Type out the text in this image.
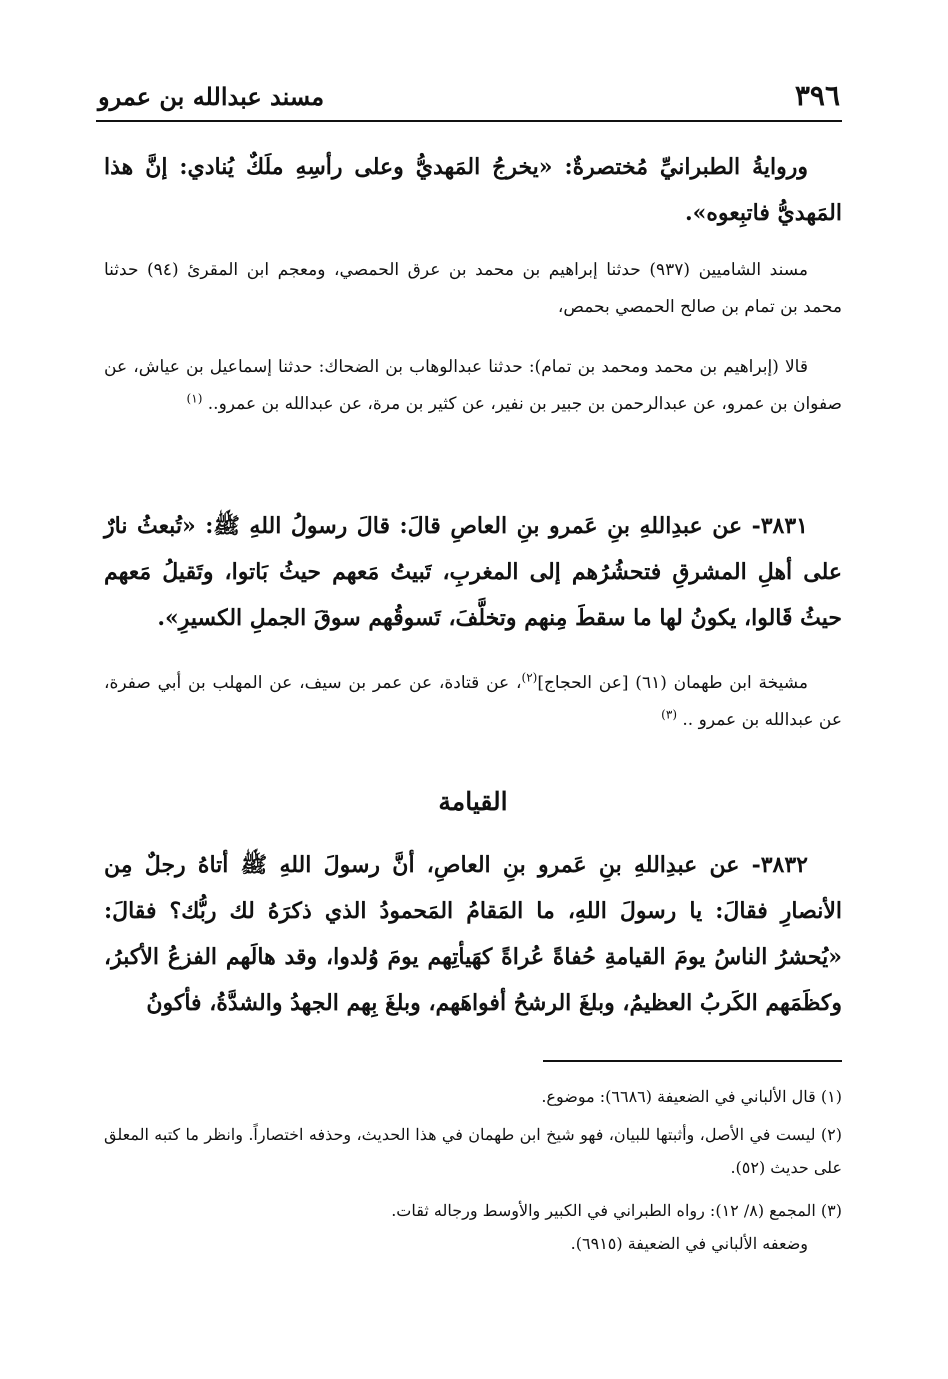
٣٩٦
مسند عبدالله بن عمرو
وروايةُ الطبرانيِّ مُختصرةٌ: «يخرجُ المَهديُّ وعلى رأسِهِ ملَكٌ يُنادي: إنَّ هذا المَهديُّ فاتبِعوه».
مسند الشاميين (٩٣٧) حدثنا إبراهيم بن محمد بن عرق الحمصي، ومعجم ابن المقرئ (٩٤) حدثنا محمد بن تمام بن صالح الحمصي بحمص،
قالا (إبراهيم بن محمد ومحمد بن تمام): حدثنا عبدالوهاب بن الضحاك: حدثنا إسماعيل بن عياش، عن صفوان بن عمرو، عن عبدالرحمن بن جبير بن نفير، عن كثير بن مرة، عن عبدالله بن عمرو.. $^{(١)}$
٣٨٣١- عن عبدِاللهِ بنِ عَمرو بنِ العاصِ قالَ: قالَ رسولُ اللهِ ﷺ: «تُبعثُ نارٌ على أهلِ المشرقِ فتحشُرُهم إلى المغربِ، تَبيتُ مَعهم حيثُ بَاتوا، وتَقيلُ مَعهم حيثُ قَالوا، يكونُ لها ما سقطَ مِنهم وتخلَّفَ، تَسوقُهم سوقَ الجملِ الكسيرِ».
مشيخة ابن طهمان (٦١) [عن الحجاج]$^{(٢)}$، عن قتادة، عن عمر بن سيف، عن المهلب بن أبي صفرة، عن عبدالله بن عمرو .. $^{(٣)}$
القيامة
٣٨٣٢- عن عبدِاللهِ بنِ عَمرو بنِ العاصِ، أنَّ رسولَ اللهِ ﷺ أتاهُ رجلٌ مِن الأنصارِ فقالَ: يا رسولَ اللهِ، ما المَقامُ المَحمودُ الذي ذكرَهُ لك ربُّك؟ فقالَ: «يُحشرُ الناسُ يومَ القيامةِ حُفاةً عُراةً كهَيأتِهم يومَ وُلدوا، وقد هالَهم الفزعُ الأكبرُ، وكظَمَهم الكَربُ العظيمُ، وبلغَ الرشحُ أفواهَهم، وبلغَ بِهم الجهدُ والشدَّةُ، فأكونُ
(١) قال الألباني في الضعيفة (٦٦٨٦): موضوع.
(٢) ليست في الأصل، وأثبتها للبيان، فهو شيخ ابن طهمان في هذا الحديث، وحذفه اختصاراً. وانظر ما كتبه المعلق على حديث (٥٢).
(٣) المجمع (٨/ ١٢): رواه الطبراني في الكبير والأوسط ورجاله ثقات.
وضعفه الألباني في الضعيفة (٦٩١٥).
